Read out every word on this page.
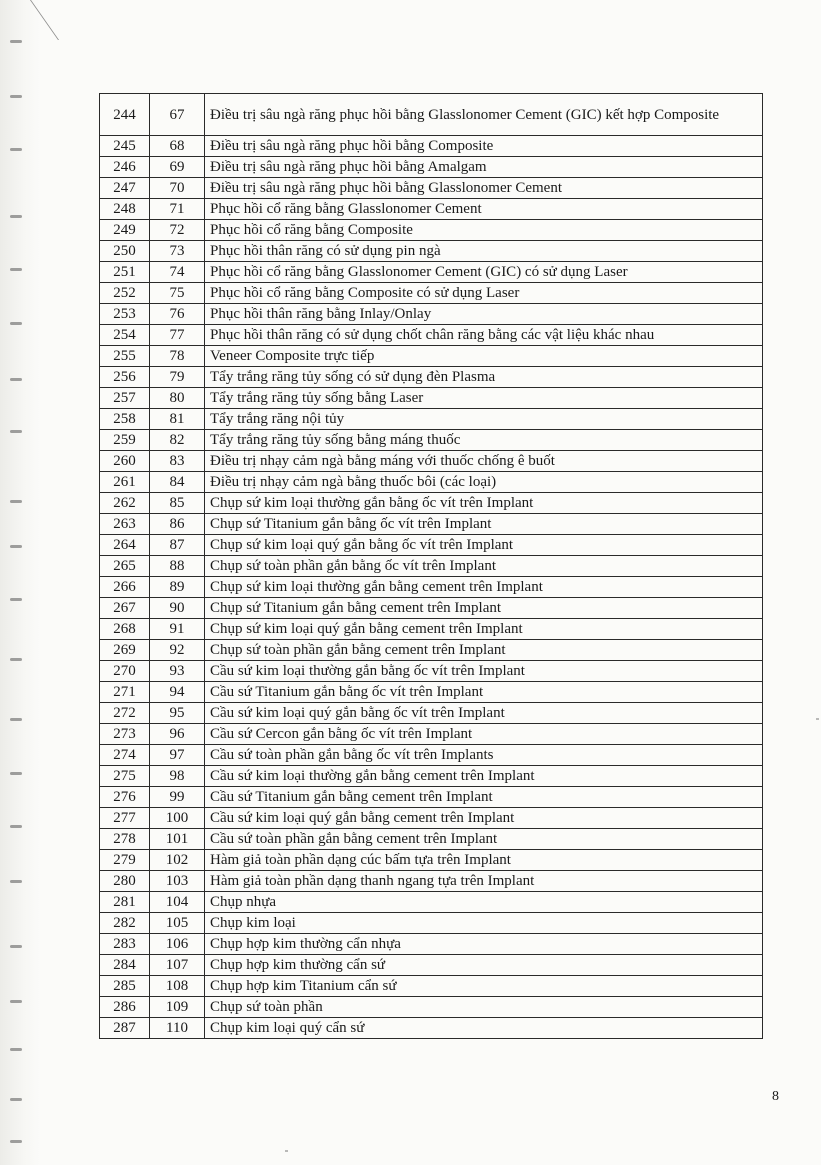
244	67	Điều trị sâu ngà răng phục hồi bằng Glasslonomer Cement (GIC) kết hợp Composite
245	68	Điều trị sâu ngà răng phục hồi bằng Composite
246	69	Điều trị sâu ngà răng phục hồi bằng Amalgam
247	70	Điều trị sâu ngà răng phục hồi bằng Glasslonomer Cement
248	71	Phục hồi cổ răng bằng Glasslonomer Cement
249	72	Phục hồi cổ răng bằng Composite
250	73	Phục hồi thân răng có sử dụng pin ngà
251	74	Phục hồi cổ răng bằng Glasslonomer Cement (GIC) có sử dụng Laser
252	75	Phục hồi cổ răng bằng Composite có sử dụng Laser
253	76	Phục hồi thân răng bằng Inlay/Onlay
254	77	Phục hồi thân răng có sử dụng chốt chân răng bằng các vật liệu khác nhau
255	78	Veneer Composite trực tiếp
256	79	Tẩy trắng răng tủy sống có sử dụng đèn Plasma
257	80	Tẩy trắng răng tủy sống bằng Laser
258	81	Tẩy trắng răng nội tủy
259	82	Tẩy trắng răng tủy sống bằng máng thuốc
260	83	Điều trị nhạy cảm ngà bằng máng với thuốc chống ê buốt
261	84	Điều trị nhạy cảm ngà bằng thuốc bôi (các loại)
262	85	Chụp sứ kim loại thường gắn bằng ốc vít trên Implant
263	86	Chụp sứ Titanium gắn bằng ốc vít trên Implant
264	87	Chụp sứ kim loại quý gắn bằng ốc vít trên Implant
265	88	Chụp sứ toàn phần gắn bằng ốc vít trên Implant
266	89	Chụp sứ kim loại thường gắn bằng cement trên Implant
267	90	Chụp sứ Titanium gắn bằng cement trên Implant
268	91	Chụp sứ kim loại quý gắn bằng cement trên Implant
269	92	Chụp sứ toàn phần gắn bằng cement trên Implant
270	93	Cầu sứ kim loại thường gắn bằng ốc vít trên Implant
271	94	Cầu sứ Titanium gắn bằng ốc vít trên Implant
272	95	Cầu sứ kim loại quý gắn bằng ốc vít trên Implant
273	96	Cầu sứ Cercon gắn bằng ốc vít trên Implant
274	97	Cầu sứ toàn phần gắn bằng ốc vít trên Implants
275	98	Cầu sứ kim loại thường gắn bằng cement trên Implant
276	99	Cầu sứ Titanium gắn bằng cement trên Implant
277	100	Cầu sứ kim loại quý gắn bằng cement trên Implant
278	101	Cầu sứ toàn phần gắn bằng cement trên Implant
279	102	Hàm giả toàn phần dạng cúc bấm tựa trên Implant
280	103	Hàm giả toàn phần dạng thanh ngang tựa trên Implant
281	104	Chụp nhựa
282	105	Chụp kim loại
283	106	Chụp hợp kim thường cẩn nhựa
284	107	Chụp hợp kim thường cẩn sứ
285	108	Chụp hợp kim Titanium cẩn sứ
286	109	Chụp sứ toàn phần
287	110	Chụp kim loại quý cẩn sứ
8
